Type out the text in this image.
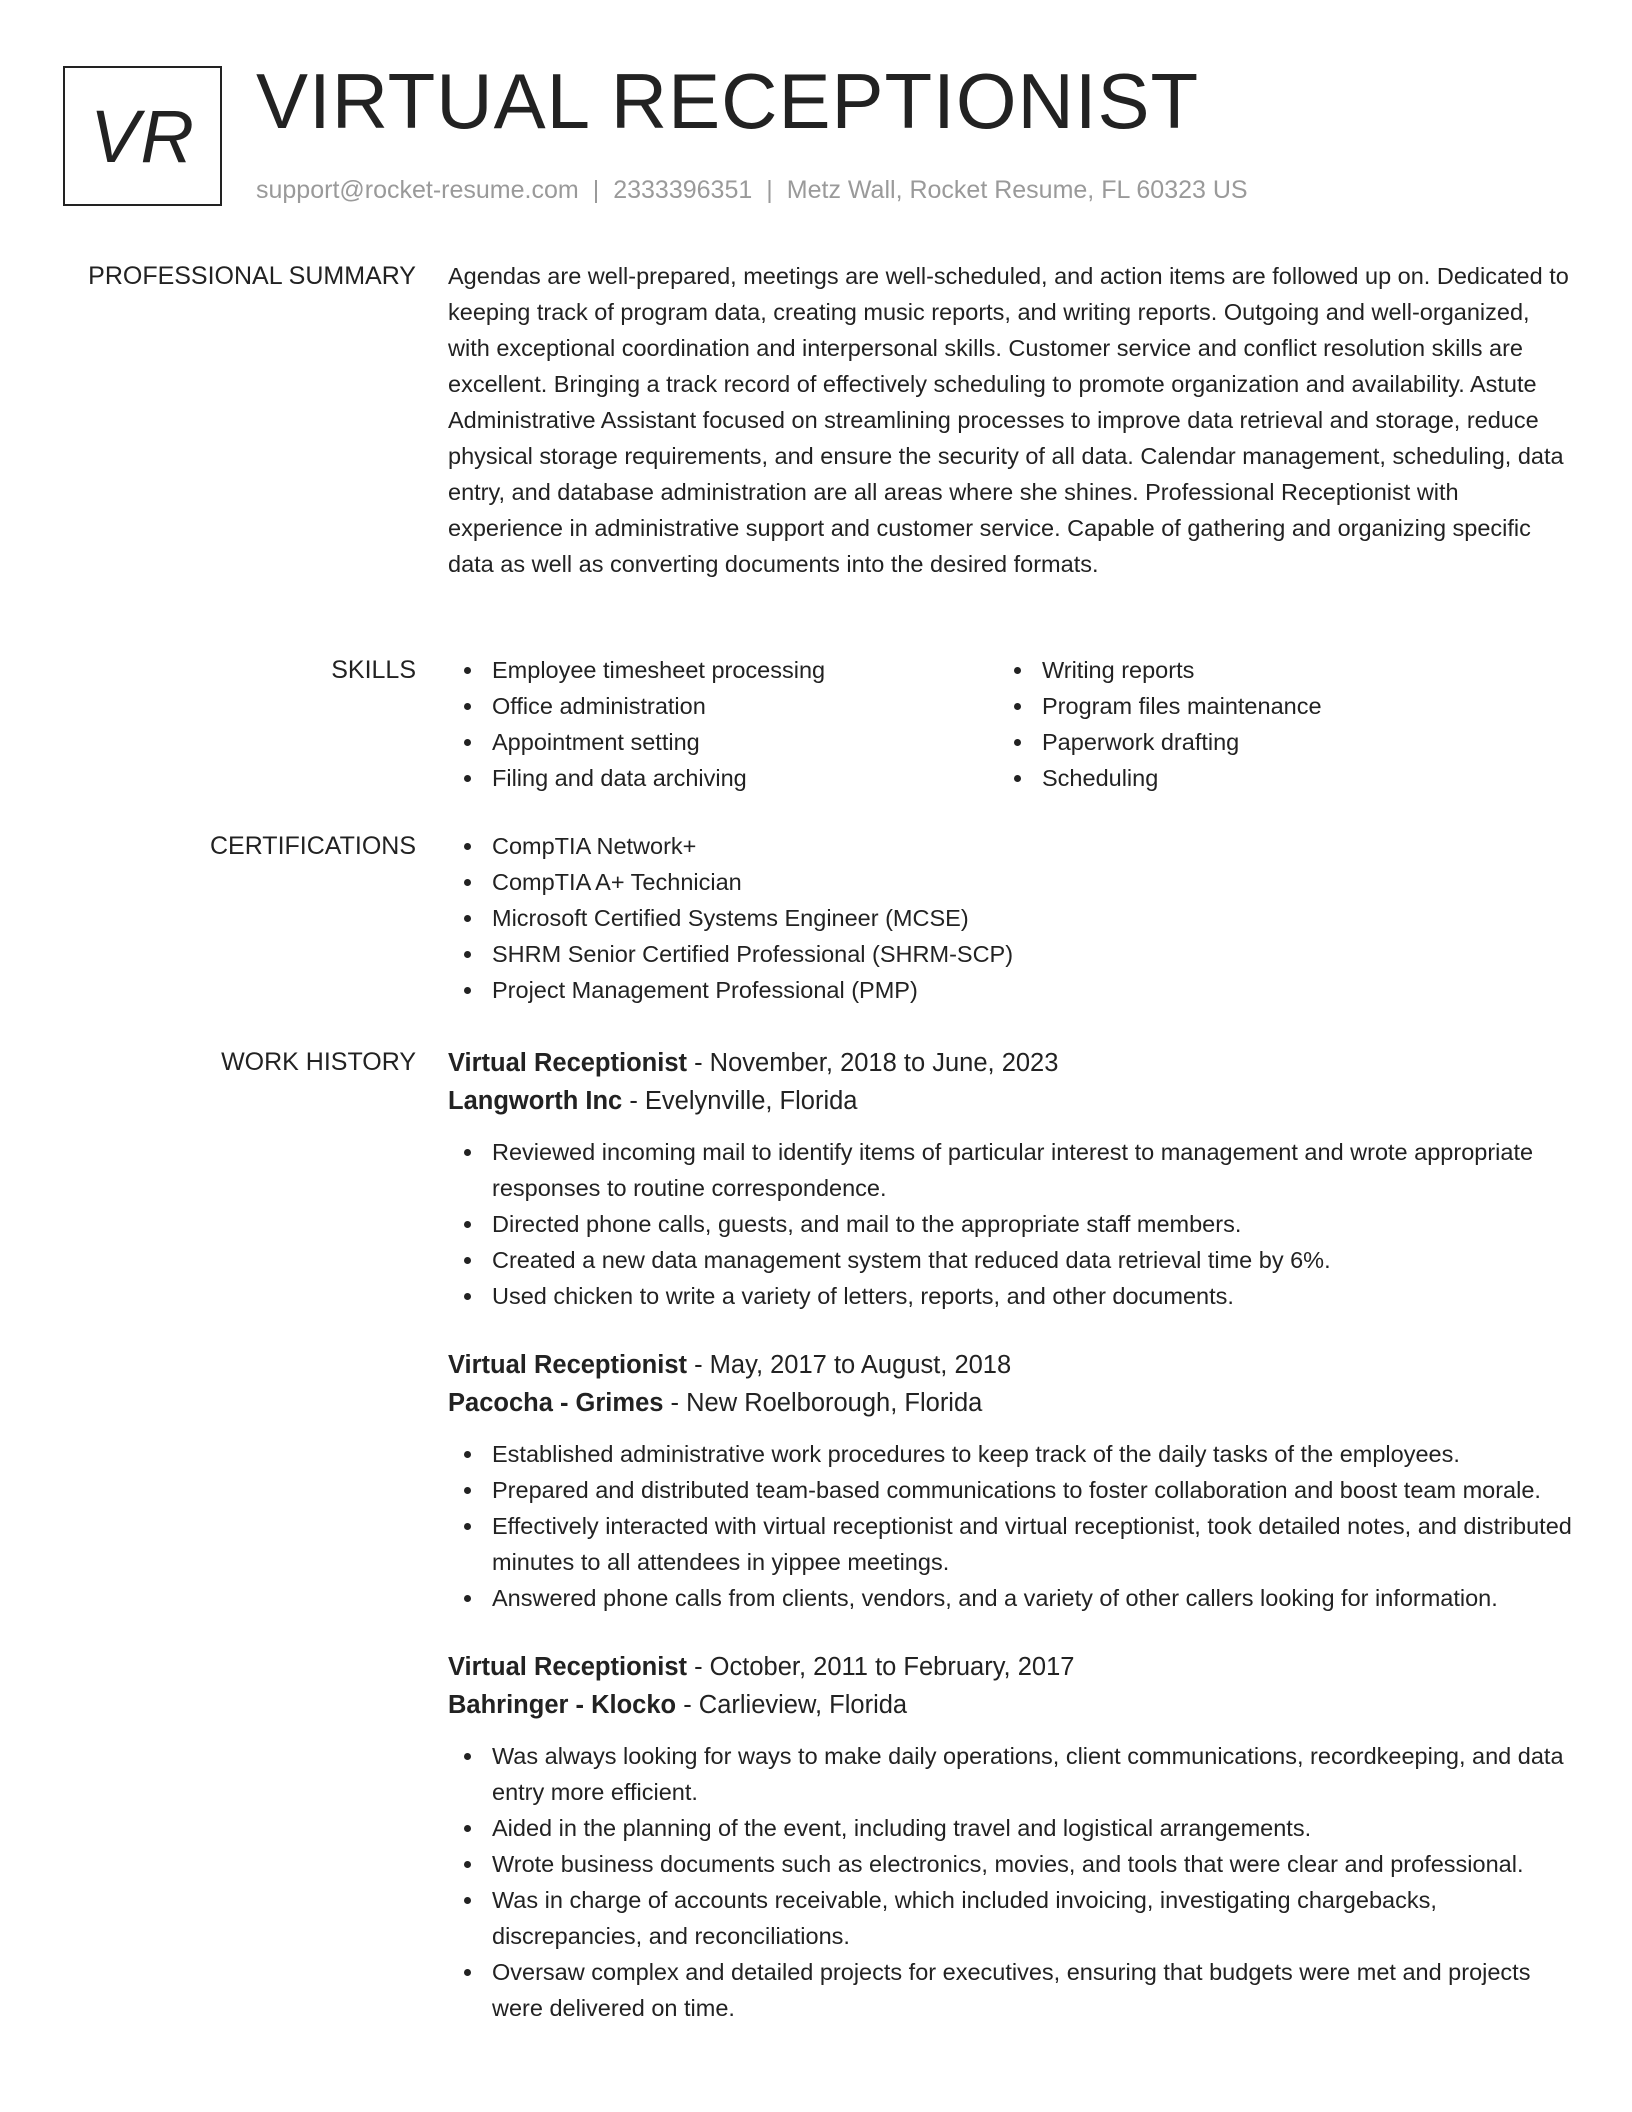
VR VIRTUAL RECEPTIONIST
support@rocket-resume.com | 2333396351 | Metz Wall, Rocket Resume, FL 60323 US
PROFESSIONAL SUMMARY Agendas are well-prepared, meetings are well-scheduled, and action items are followed up on. Dedicated to keeping track of program data, creating music reports, and writing reports. Outgoing and well-organized, with exceptional coordination and interpersonal skills. Customer service and conflict resolution skills are excellent. Bringing a track record of effectively scheduling to promote organization and availability. Astute Administrative Assistant focused on streamlining processes to improve data retrieval and storage, reduce physical storage requirements, and ensure the security of all data. Calendar management, scheduling, data entry, and database administration are all areas where she shines. Professional Receptionist with experience in administrative support and customer service. Capable of gathering and organizing specific data as well as converting documents into the desired formats.

SKILLS	Employee timesheet processing
Office administration
Appointment setting
Filing and data archiving
Writing reports
Program files maintenance
Paperwork drafting
Scheduling
CERTIFICATIONS	CompTIA Network+
CompTIA A+ Technician
Microsoft Certified Systems Engineer (MCSE)
SHRM Senior Certified Professional (SHRM-SCP)
Project Management Professional (PMP)
WORK HISTORY Virtual Receptionist - November, 2018 to June, 2023
Langworth Inc - Evelynville, Florida
Reviewed incoming mail to identify items of particular interest to management and wrote appropriate responses to routine correspondence.
Directed phone calls, guests, and mail to the appropriate staff members.
Created a new data management system that reduced data retrieval time by 6%.
Used chicken to write a variety of letters, reports, and other documents.
Virtual Receptionist - May, 2017 to August, 2018
Pacocha - Grimes - New Roelborough, Florida
Established administrative work procedures to keep track of the daily tasks of the employees.
Prepared and distributed team-based communications to foster collaboration and boost team morale.
Effectively interacted with virtual receptionist and virtual receptionist, took detailed notes, and distributed minutes to all attendees in yippee meetings.
Answered phone calls from clients, vendors, and a variety of other callers looking for information.
Virtual Receptionist - October, 2011 to February, 2017
Bahringer - Klocko - Carlieview, Florida
Was always looking for ways to make daily operations, client communications, recordkeeping, and data entry more efficient.
Aided in the planning of the event, including travel and logistical arrangements.
Wrote business documents such as electronics, movies, and tools that were clear and professional.
Was in charge of accounts receivable, which included invoicing, investigating chargebacks, discrepancies, and reconciliations.
Oversaw complex and detailed projects for executives, ensuring that budgets were met and projects were delivered on time.
